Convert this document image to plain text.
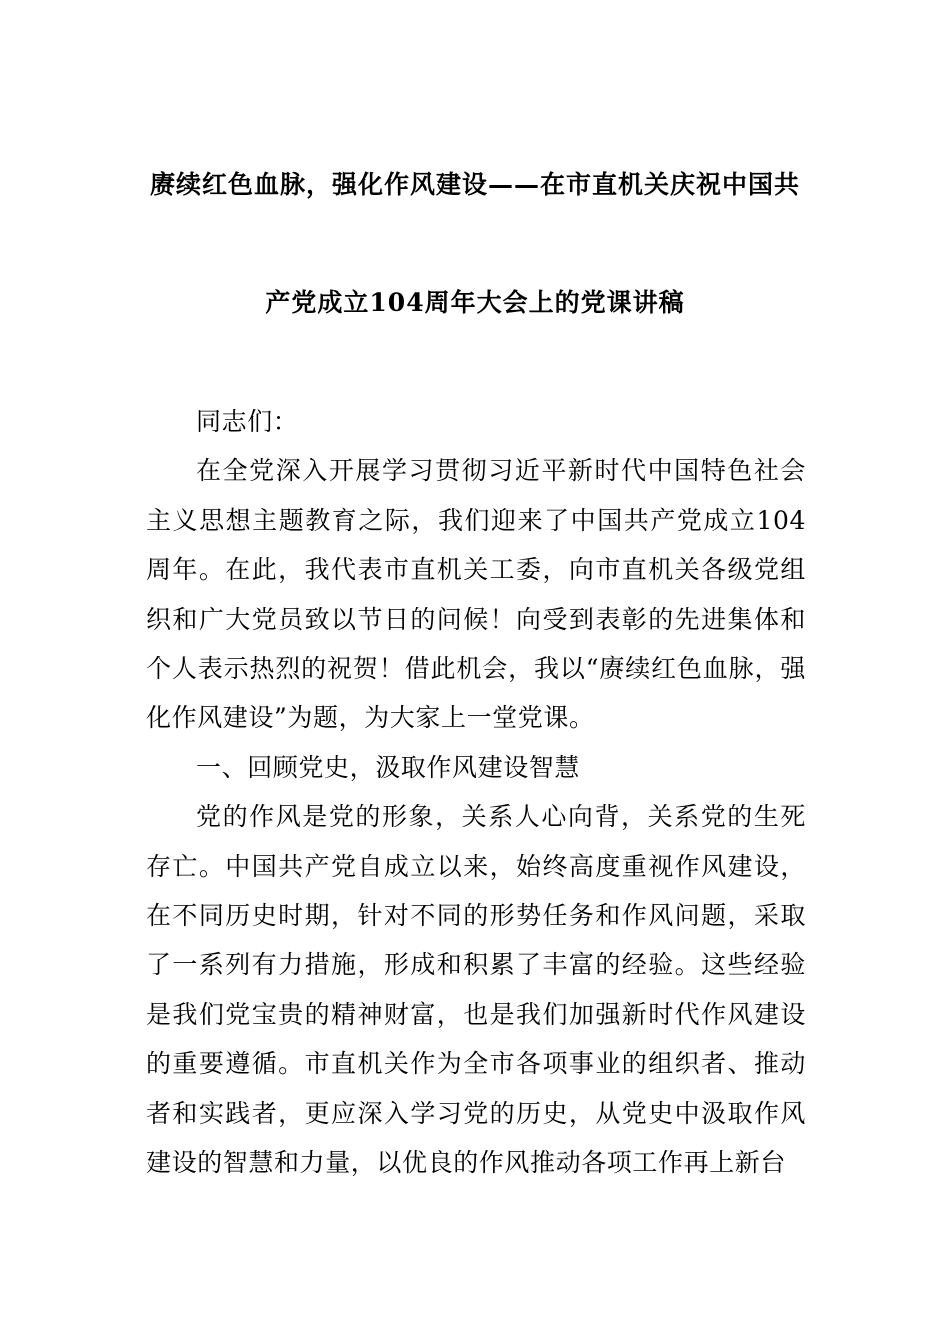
赓续红色血脉，强化作风建设——在市直机关庆祝中国共
产党成立104周年大会上的党课讲稿

同志们：

在全党深入开展学习贯彻习近平新时代中国特色社会主义思想主题教育之际，我们迎来了中国共产党成立104周年。在此，我代表市直机关工委，向市直机关各级党组织和广大党员致以节日的问候！向受到表彰的先进集体和个人表示热烈的祝贺！借此机会，我以“赓续红色血脉，强化作风建设”为题，为大家上一堂党课。

一、回顾党史，汲取作风建设智慧

党的作风是党的形象，关系人心向背，关系党的生死存亡。中国共产党自成立以来，始终高度重视作风建设，在不同历史时期，针对不同的形势任务和作风问题，采取了一系列有力措施，形成和积累了丰富的经验。这些经验是我们党宝贵的精神财富，也是我们加强新时代作风建设的重要遵循。市直机关作为全市各项事业的组织者、推动者和实践者，更应深入学习党的历史，从党史中汲取作风建设的智慧和力量，以优良的作风推动各项工作再上新台
